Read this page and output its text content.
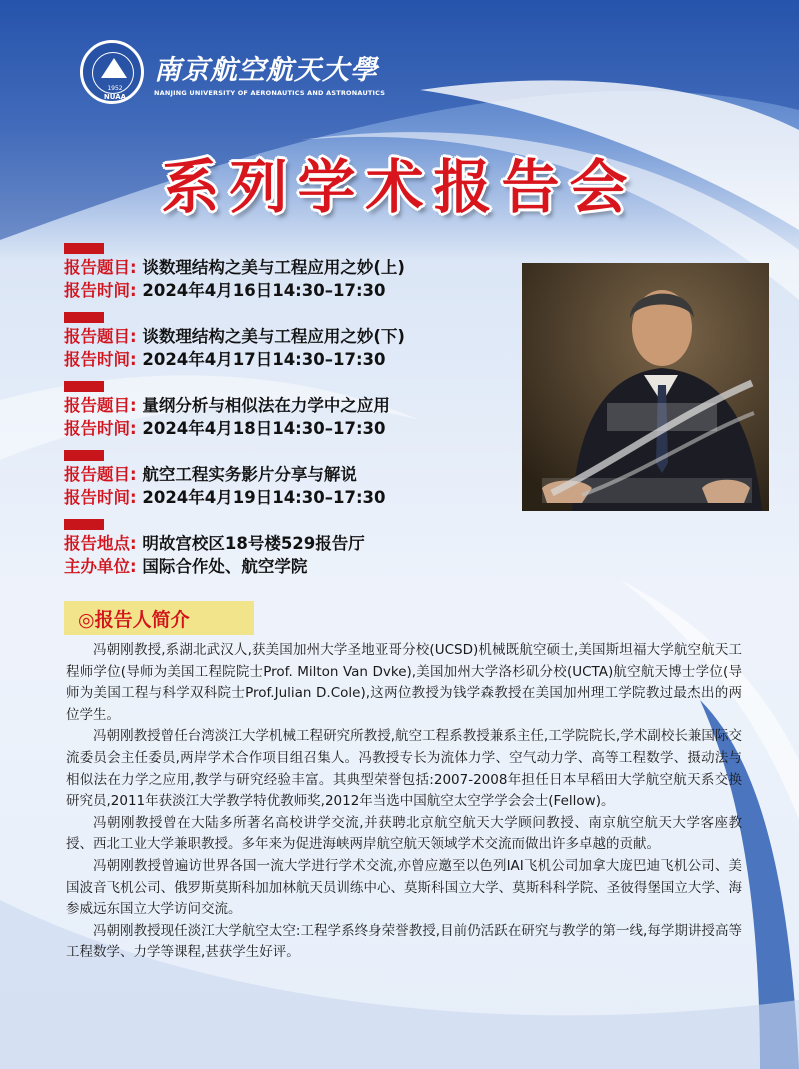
1952
NUAA
南京航空航天大學
NANJING UNIVERSITY OF AERONAUTICS AND ASTRONAUTICS
系列学术报告会
报告题目: 谈数理结构之美与工程应用之妙(上)
报告时间: 2024年4月16日14:30–17:30
报告题目: 谈数理结构之美与工程应用之妙(下)
报告时间: 2024年4月17日14:30–17:30
报告题目: 量纲分析与相似法在力学中之应用
报告时间: 2024年4月18日14:30–17:30
报告题目: 航空工程实务影片分享与解说
报告时间: 2024年4月19日14:30–17:30
报告地点: 明故宫校区18号楼529报告厅
主办单位: 国际合作处、航空学院
◎报告人简介

冯朝刚教授,系湖北武汉人,获美国加州大学圣地亚哥分校(UCSD)机械既航空硕士,美国斯坦福大学航空航天工程师学位(导师为美国工程院院士Prof. Milton Van Dvke),美国加州大学洛杉矶分校(UCTA)航空航天博士学位(导师为美国工程与科学双科院士Prof.Julian D.Cole),这两位教授为钱学森教授在美国加州理工学院教过最杰出的两位学生。

冯朝刚教授曾任台湾淡江大学机械工程研究所教授,航空工程系教授兼系主任,工学院院长,学术副校长兼国际交流委员会主任委员,两岸学术合作项目组召集人。冯教授专长为流体力学、空气动力学、高等工程数学、摄动法与相似法在力学之应用,教学与研究经验丰富。其典型荣誉包括:2007-2008年担任日本早稻田大学航空航天系交换研究员,2011年获淡江大学教学特优教师奖,2012年当选中国航空太空学学会会士(Fellow)。

冯朝刚教授曾在大陆多所著名高校讲学交流,并获聘北京航空航天大学顾问教授、南京航空航天大学客座教授、西北工业大学兼职教授。多年来为促进海峡两岸航空航天领域学术交流而做出许多卓越的贡献。

冯朝刚教授曾遍访世界各国一流大学进行学术交流,亦曾应邀至以色列IAI飞机公司加拿大庞巴迪飞机公司、美国波音飞机公司、俄罗斯莫斯科加加林航天员训练中心、莫斯科国立大学、莫斯科科学院、圣彼得堡国立大学、海参威远东国立大学访问交流。

冯朝刚教授现任淡江大学航空太空:工程学系终身荣誉教授,目前仍活跃在研究与教学的第一线,每学期讲授高等工程数学、力学等课程,甚获学生好评。
